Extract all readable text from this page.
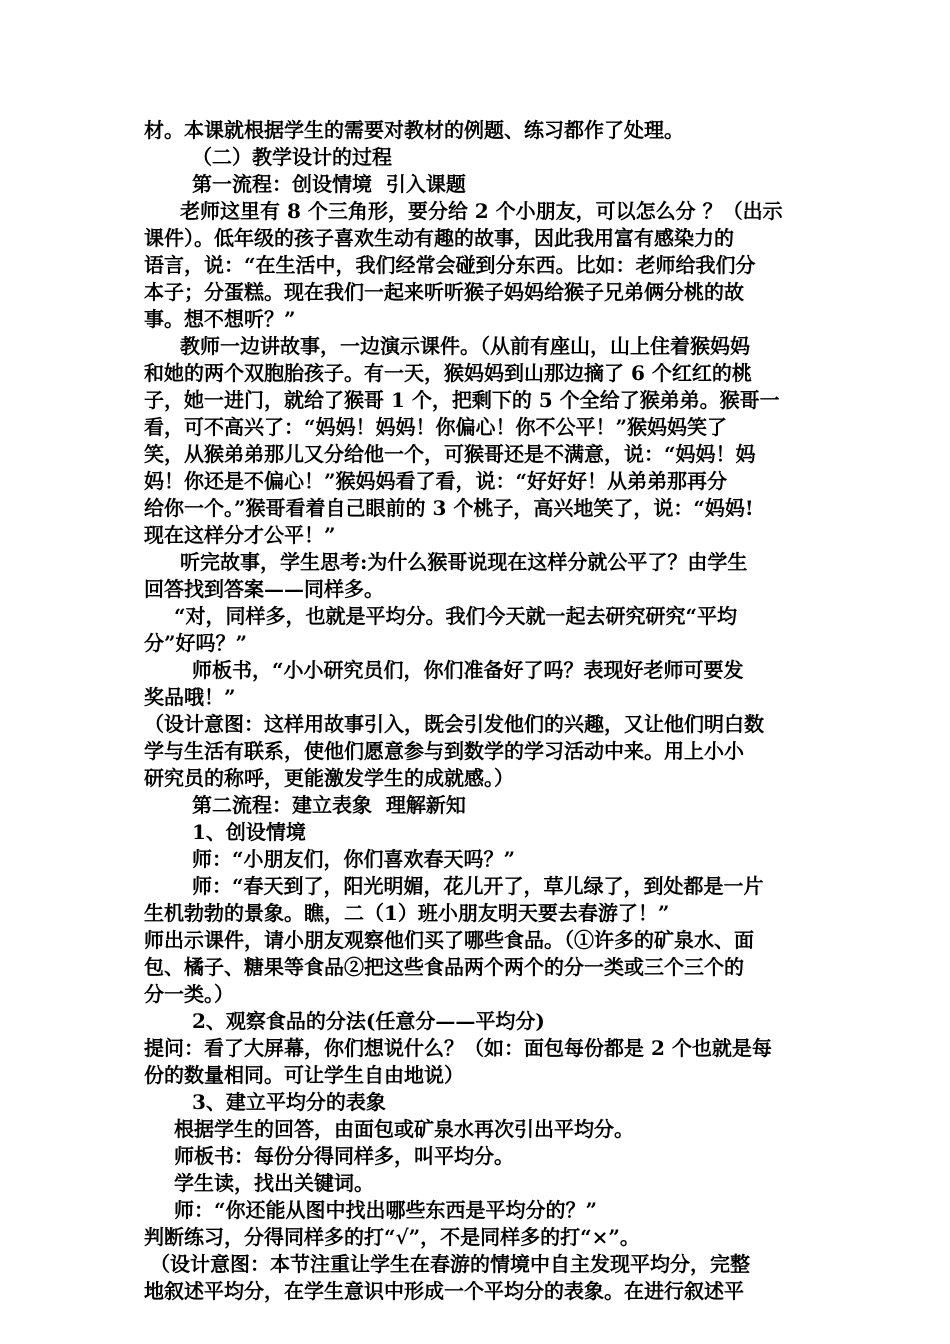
材。本课就根据学生的需要对教材的例题、练习都作了处理。
（二）教学设计的过程
第一流程：创设情境  引入课题
老师这里有 8 个三角形，要分给 2 个小朋友，可以怎么分 ？（出示
课件）。低年级的孩子喜欢生动有趣的故事，因此我用富有感染力的
语言，说：“在生活中，我们经常会碰到分东西。比如：老师给我们分
本子；分蛋糕。现在我们一起来听听猴子妈妈给猴子兄弟俩分桃的故
事。想不想听？”
教师一边讲故事，一边演示课件。（从前有座山，山上住着猴妈妈
和她的两个双胞胎孩子。有一天，猴妈妈到山那边摘了 6 个红红的桃
子，她一进门，就给了猴哥 1 个，把剩下的 5 个全给了猴弟弟。猴哥一
看，可不高兴了：“妈妈！妈妈！你偏心！你不公平！”猴妈妈笑了
笑，从猴弟弟那儿又分给他一个，可猴哥还是不满意，说：“妈妈！妈
妈！你还是不偏心！”猴妈妈看了看，说：“好好好！从弟弟那再分
给你一个。”猴哥看着自己眼前的 3 个桃子，高兴地笑了，说：“妈妈!
现在这样分才公平！”
听完故事，学生思考:为什么猴哥说现在这样分就公平了？由学生
回答找到答案——同样多。
“对，同样多，也就是平均分。我们今天就一起去研究研究“平均
分”好吗？”
师板书，“小小研究员们，你们准备好了吗？表现好老师可要发
奖品哦！”
（设计意图：这样用故事引入，既会引发他们的兴趣，又让他们明白数
学与生活有联系，使他们愿意参与到数学的学习活动中来。用上小小
研究员的称呼，更能激发学生的成就感。）
第二流程：建立表象  理解新知
1、创设情境
师：“小朋友们，你们喜欢春天吗？”
师：“春天到了，阳光明媚，花儿开了，草儿绿了，到处都是一片
生机勃勃的景象。瞧，二（1）班小朋友明天要去春游了！”
师出示课件，请小朋友观察他们买了哪些食品。（①许多的矿泉水、面
包、橘子、糖果等食品②把这些食品两个两个的分一类或三个三个的
分一类。）
2、观察食品的分法(任意分——平均分)
提问：看了大屏幕，你们想说什么？（如：面包每份都是 2 个也就是每
份的数量相同。可让学生自由地说）
3、建立平均分的表象
根据学生的回答，由面包或矿泉水再次引出平均分。
师板书：每份分得同样多，叫平均分。
学生读，找出关键词。
师：“你还能从图中找出哪些东西是平均分的？”
判断练习，分得同样多的打“√”，不是同样多的打“×”。
（设计意图：本节注重让学生在春游的情境中自主发现平均分，完整
地叙述平均分，在学生意识中形成一个平均分的表象。在进行叙述平
